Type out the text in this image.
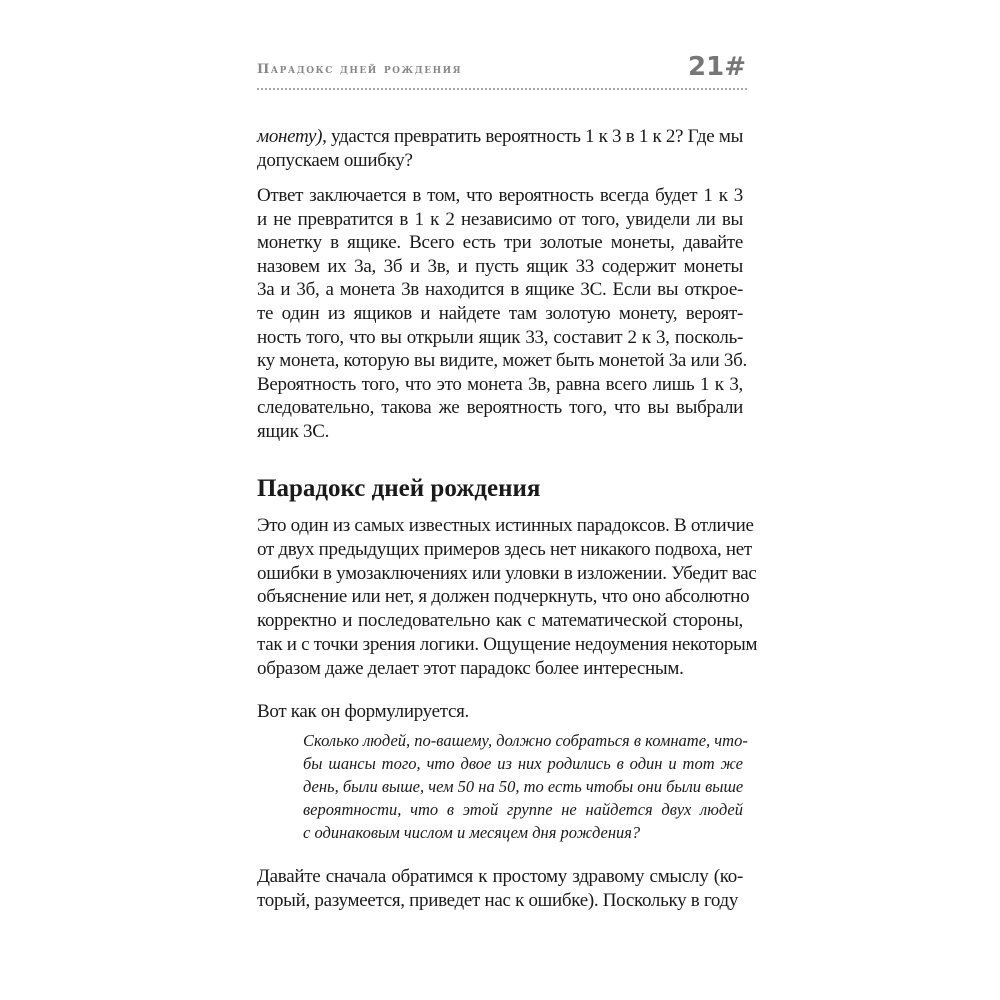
Парадокс дней рождения	21#
монету), удастся превратить вероятность 1 к 3 в 1 к 2? Где мы
допускаем ошибку?
Ответ заключается в том, что вероятность всегда будет 1 к 3
и не превратится в 1 к 2 независимо от того, увидели ли вы
монетку в ящике. Всего есть три золотые монеты, давайте
назовем их 3а, 3б и 3в, и пусть ящик 33 содержит монеты
3а и 3б, а монета 3в находится в ящике 3С. Если вы открое-
те один из ящиков и найдете там золотую монету, вероят-
ность того, что вы открыли ящик 33, составит 2 к 3, посколь-
ку монета, которую вы видите, может быть монетой 3а или 3б.
Вероятность того, что это монета 3в, равна всего лишь 1 к 3,
следовательно, такова же вероятность того, что вы выбрали
ящик 3С.
Это один из самых известных истинных парадоксов. В отличие
от двух предыдущих примеров здесь нет никакого подвоха, нет
ошибки в умозаключениях или уловки в изложении. Убедит вас
объяснение или нет, я должен подчеркнуть, что оно абсолютно
корректно и последовательно как с математической стороны,
так и с точки зрения логики. Ощущение недоумения некоторым
образом даже делает этот парадокс более интересным.
Вот как он формулируется.
Сколько людей, по-вашему, должно собраться в комнате, что-
бы шансы того, что двое из них родились в один и тот же
день, были выше, чем 50 на 50, то есть чтобы они были выше
вероятности, что в этой группе не найдется двух людей
с одинаковым числом и месяцем дня рождения?
Давайте сначала обратимся к простому здравому смыслу (ко-
торый, разумеется, приведет нас к ошибке). Поскольку в году
Парадокс дней рождения
